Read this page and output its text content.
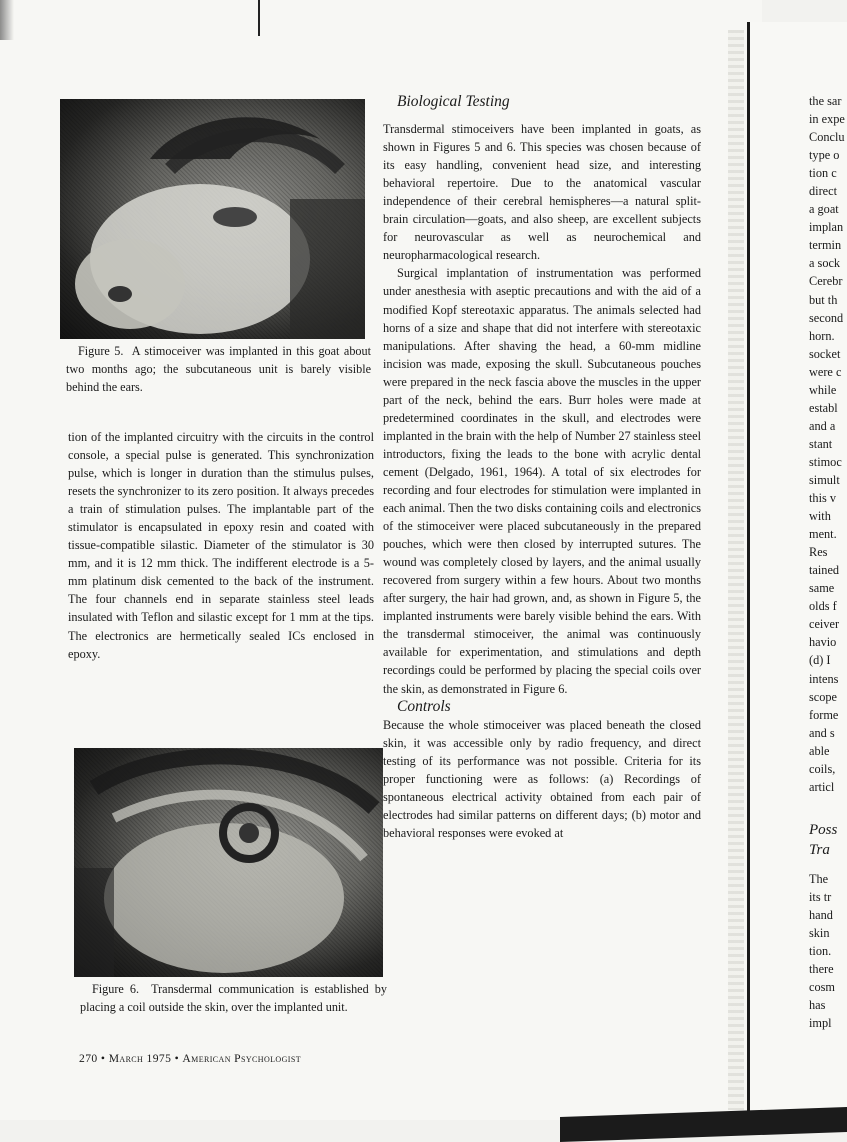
Figure 5. A stimoceiver was implanted in this goat about two months ago; the subcutaneous unit is barely visible behind the ears.

tion of the implanted circuitry with the circuits in the control console, a special pulse is generated. This synchronization pulse, which is longer in duration than the stimulus pulses, resets the synchronizer to its zero position. It always precedes a train of stimulation pulses. The implantable part of the stimulator is encapsulated in epoxy resin and coated with tissue-compatible silastic. Diameter of the stimulator is 30 mm, and it is 12 mm thick. The indifferent electrode is a 5-mm platinum disk cemented to the back of the instrument. The four channels end in separate stainless steel leads insulated with Teflon and silastic except for 1 mm at the tips. The electronics are hermetically sealed ICs enclosed in epoxy.

Figure 6. Transdermal communication is established by placing a coil outside the skin, over the implanted unit.

Biological Testing

Transdermal stimoceivers have been implanted in goats, as shown in Figures 5 and 6. This species was chosen because of its easy handling, convenient head size, and interesting behavioral repertoire. Due to the anatomical vascular independence of their cerebral hemispheres—a natural split-brain circulation—goats, and also sheep, are excellent subjects for neurovascular as well as neurochemical and neuropharmacological research.

Surgical implantation of instrumentation was performed under anesthesia with aseptic precautions and with the aid of a modified Kopf stereotaxic apparatus. The animals selected had horns of a size and shape that did not interfere with stereotaxic manipulations. After shaving the head, a 60-mm midline incision was made, exposing the skull. Subcutaneous pouches were prepared in the neck fascia above the muscles in the upper part of the neck, behind the ears. Burr holes were made at predetermined coordinates in the skull, and electrodes were implanted in the brain with the help of Number 27 stainless steel introductors, fixing the leads to the bone with acrylic dental cement (Delgado, 1961, 1964). A total of six electrodes for recording and four electrodes for stimulation were implanted in each animal. Then the two disks containing coils and electronics of the stimoceiver were placed subcutaneously in the prepared pouches, which were then closed by interrupted sutures. The wound was completely closed by layers, and the animal usually recovered from surgery within a few hours. About two months after surgery, the hair had grown, and, as shown in Figure 5, the implanted instruments were barely visible behind the ears. With the transdermal stimoceiver, the animal was continuously available for experimentation, and stimulations and depth recordings could be performed by placing the special coils over the skin, as demonstrated in Figure 6.

Controls

Because the whole stimoceiver was placed beneath the closed skin, it was accessible only by radio frequency, and direct testing of its performance was not possible. Criteria for its proper functioning were as follows: (a) Recordings of spontaneous electrical activity obtained from each pair of electrodes had similar patterns on different days; (b) motor and behavioral responses were evoked at

270 • March 1975 • American Psychologist
the sar
in expe
Conclu
type o
tion c
direct
a goat
implan
termin
a sock
Cerebr
but th
second
horn.
socket
were c
while
establ
and a
stant
stimoc
simult
this v
with
ment.
Res
tained
same
olds f
ceiver
havio
(d) I
intens
scope
forme
and s
able
coils,
articl
Poss
Tra
The
its tr
hand
skin
tion.
there
cosm
has
impl
